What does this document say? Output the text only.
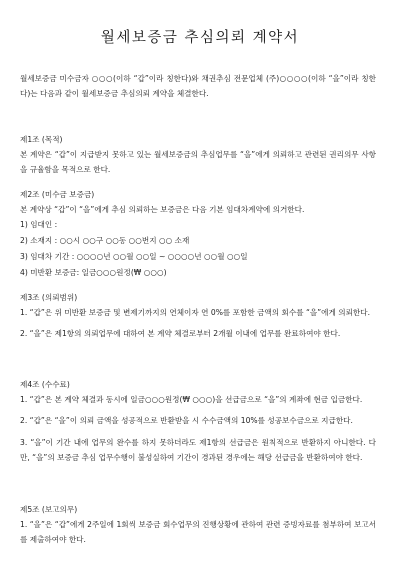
월세보증금 추심의뢰 계약서

월세보증금 미수금자 ○○○(이하 “갑”이라 칭한다)와 채권추심 전문업체 (주)○○○○(이하 “을”이라 칭한다)는 다음과 같이 월세보증금 추심의뢰 계약을 체결한다.

제1조 (목적)

본 계약은 “갑”이 지급받지 못하고 있는 월세보증금의 추심업무를 “을”에게 의뢰하고 관련된 권리의무 사항을 규율함을 목적으로 한다.

제2조 (미수금 보증금)

본 계약상 “갑”이 “을”에게 추심 의뢰하는 보증금은 다음 기본 임대차계약에 의거한다.

1) 임대인 :

2) 소재지 : ○○시 ○○구 ○○동 ○○번지 ○○ 소재

3) 임대차 기간 : ○○○○년 ○○월 ○○일 ~ ○○○○년 ○○월 ○○일

4) 미반환 보증금: 일금○○○원정(₩ ○○○)

제3조 (의뢰범위)

1. “갑”은 위 미반환 보증금 및 변제기까지의 연체이자 연 0%를 포함한 금액의 회수를 “을”에게 의뢰한다.

2. “을”은 제1항의 의뢰업무에 대하여 본 계약 체결로부터 2개월 이내에 업무를 완료하여야 한다.

제4조 (수수료)

1. “갑”은 본 계약 체결과 동시에 일금○○○원정(₩ ○○○)을 선급금으로 “을”의 계좌에 현금 입금한다.

2. “갑”은 “을”이 의뢰 금액을 성공적으로 반환받을 시 수수금액의 10%를 성공보수금으로 지급한다.

3. “을”이 기간 내에 업무의 완수를 하지 못하더라도 제1항의 선급금은 원칙적으로 반환하지 아니한다. 다만, “을”의 보증금 추심 업무수행이 불성실하여 기간이 경과된 경우에는 해당 선급금을 반환하여야 한다.

제5조 (보고의무)

1. “을”은 “갑”에게 2주일에 1회씩 보증금 회수업무의 진행상황에 관하여 관련 증빙자료를 첨부하여 보고서를 제출하여야 한다.
